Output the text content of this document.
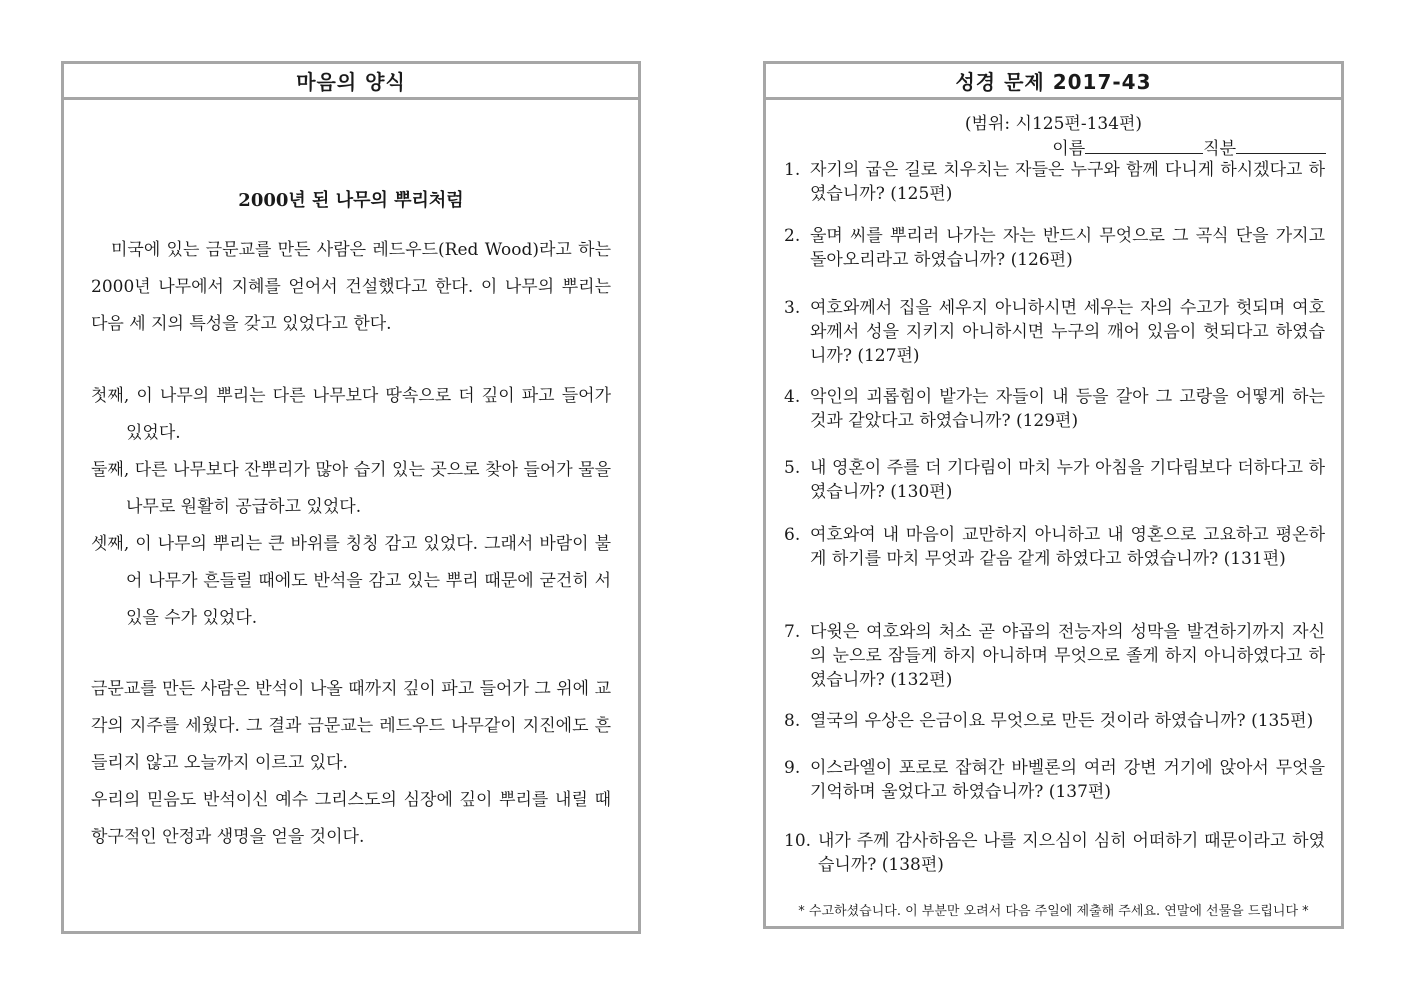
마음의 양식
2000년 된 나무의 뿌리처럼
미국에 있는 금문교를 만든 사람은 레드우드(Red Wood)라고 하는 2000년 나무에서 지혜를 얻어서 건설했다고 한다. 이 나무의 뿌리는 다음 세 지의 특성을 갖고 있었다고 한다.
첫째, 이 나무의 뿌리는 다른 나무보다 땅속으로 더 깊이 파고 들어가 있었다.
둘째, 다른 나무보다 잔뿌리가 많아 습기 있는 곳으로 찾아 들어가 물을 나무로 원활히 공급하고 있었다.
셋째, 이 나무의 뿌리는 큰 바위를 칭칭 감고 있었다. 그래서 바람이 불어 나무가 흔들릴 때에도 반석을 감고 있는 뿌리 때문에 굳건히 서있을 수가 있었다.
금문교를 만든 사람은 반석이 나올 때까지 깊이 파고 들어가 그 위에 교각의 지주를 세웠다. 그 결과 금문교는 레드우드 나무같이 지진에도 흔들리지 않고 오늘까지 이르고 있다.
우리의 믿음도 반석이신 예수 그리스도의 심장에 깊이 뿌리를 내릴 때 항구적인 안정과 생명을 얻을 것이다.
성경 문제 2017-43
(범위: 시125편-134편)
이름	직분
1. 자기의 굽은 길로 치우치는 자들은 누구와 함께 다니게 하시겠다고 하였습니까? (125편)
2. 울며 씨를 뿌리러 나가는 자는 반드시 무엇으로 그 곡식 단을 가지고 돌아오리라고 하였습니까? (126편)
3. 여호와께서 집을 세우지 아니하시면 세우는 자의 수고가 헛되며 여호와께서 성을 지키지 아니하시면 누구의 깨어 있음이 헛되다고 하였습니까? (127편)
4. 악인의 괴롭힘이 밭가는 자들이 내 등을 갈아 그 고랑을 어떻게 하는 것과 같았다고 하였습니까? (129편)
5. 내 영혼이 주를 더 기다림이 마치 누가 아침을 기다림보다 더하다고 하였습니까? (130편)
6. 여호와여 내 마음이 교만하지 아니하고 내 영혼으로 고요하고 평온하게 하기를 마치 무엇과 같음 같게 하였다고 하였습니까? (131편)
7. 다윗은 여호와의 처소 곧 야곱의 전능자의 성막을 발견하기까지 자신의 눈으로 잠들게 하지 아니하며 무엇으로 졸게 하지 아니하였다고 하였습니까? (132편)
8. 열국의 우상은 은금이요 무엇으로 만든 것이라 하였습니까? (135편)
9. 이스라엘이 포로로 잡혀간 바벨론의 여러 강변 거기에 앉아서 무엇을 기억하며 울었다고 하였습니까? (137편)
10. 내가 주께 감사하옴은 나를 지으심이 심히 어떠하기 때문이라고 하였습니까? (138편)
* 수고하셨습니다. 이 부분만 오려서 다음 주일에 제출해 주세요. 연말에 선물을 드립니다 *
